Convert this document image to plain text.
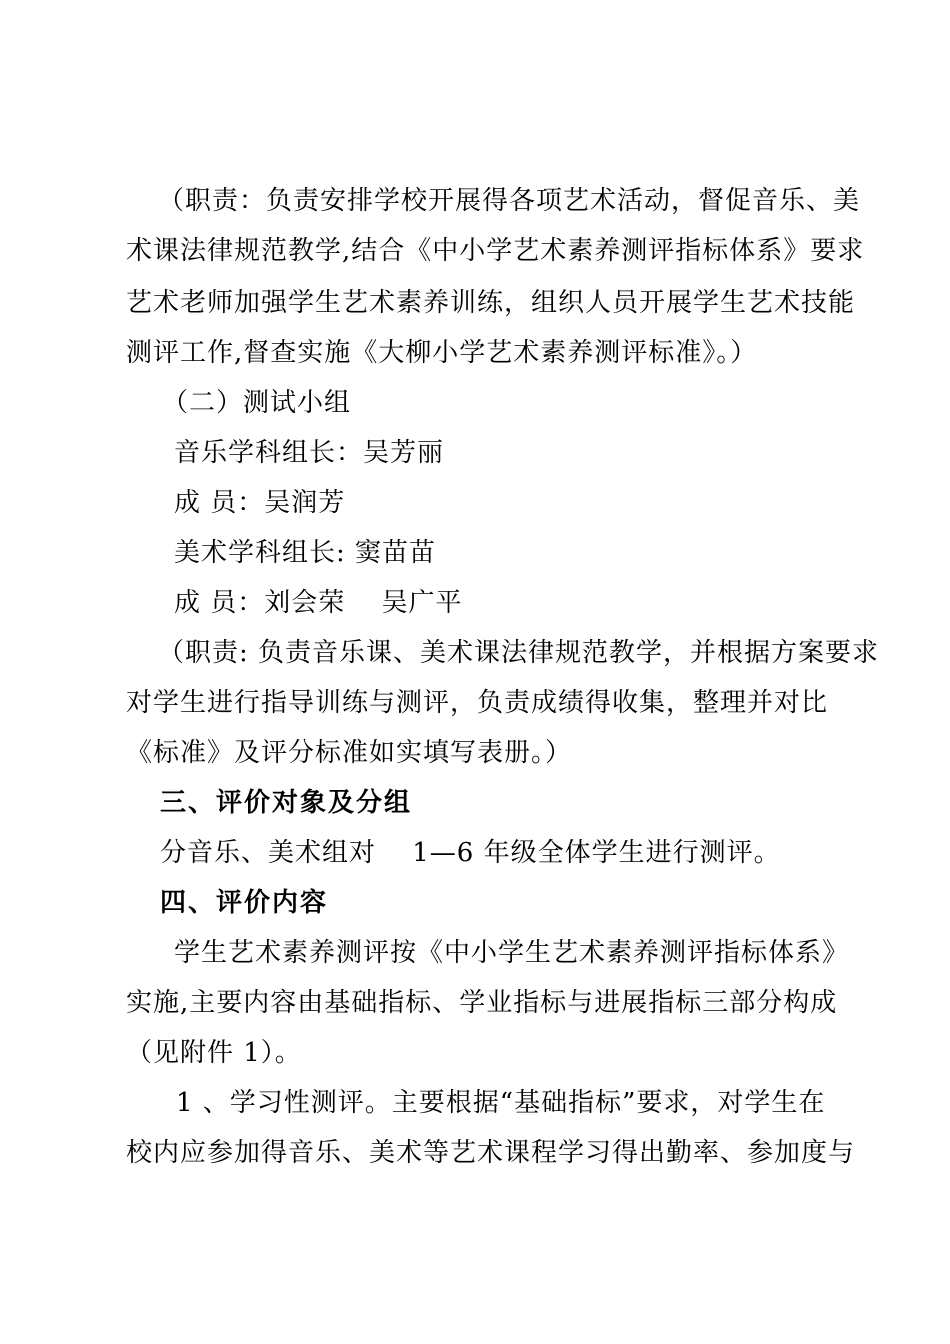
（职责：负责安排学校开展得各项艺术活动，督促音乐、美
术课法律规范教学,结合《中小学艺术素养测评指标体系》要求
艺术老师加强学生艺术素养训练，组织人员开展学生艺术技能
测评工作,督查实施《大柳小学艺术素养测评标准》。）
（二）测试小组
音乐学科组长：吴芳丽
成 员：吴润芳
美术学科组长: 窦苗苗
成 员：刘会荣 　吴广平
（职责: 负责音乐课、美术课法律规范教学，并根据方案要求
对学生进行指导训练与测评，负责成绩得收集，整理并对比
《标准》及评分标准如实填写表册。）
三、评价对象及分组
分音乐、美术组对 　1—6 年级全体学生进行测评。
四、评价内容
学生艺术素养测评按《中小学生艺术素养测评指标体系》
实施,主要内容由基础指标、学业指标与进展指标三部分构成
（见附件 1）。
1 、学习性测评。主要根据“基础指标”要求，对学生在
校内应参加得音乐、美术等艺术课程学习得出勤率、参加度与
